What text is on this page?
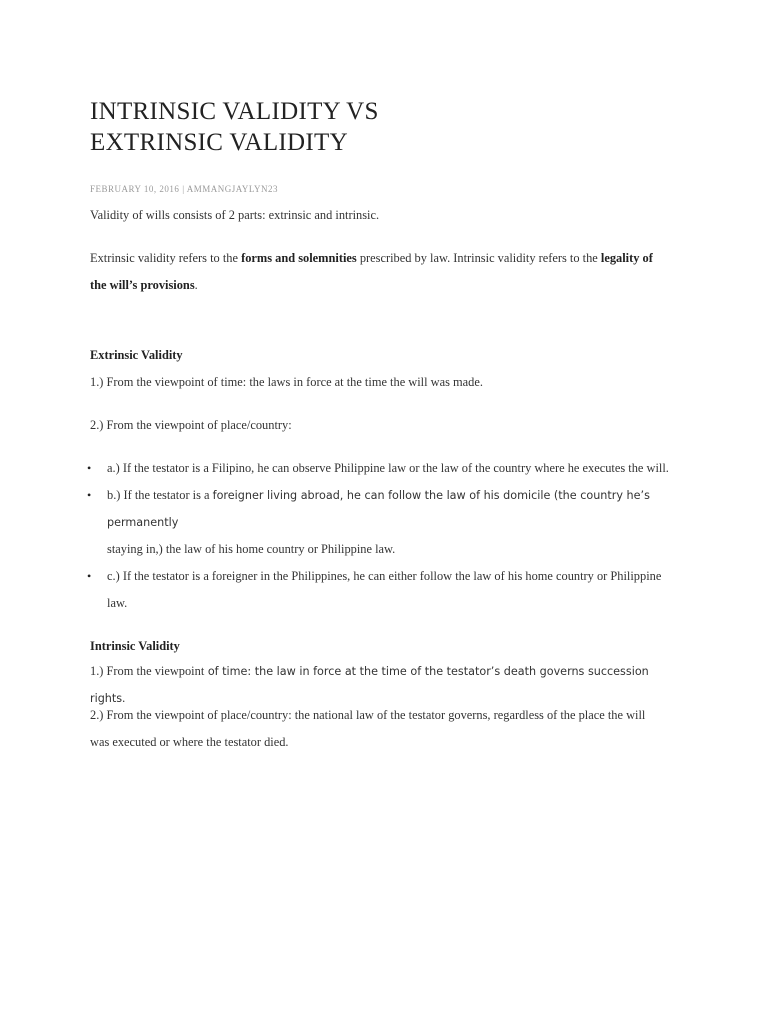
INTRINSIC VALIDITY VS
EXTRINSIC VALIDITY
FEBRUARY 10, 2016 | AMMANGJAYLYN23

Validity of wills consists of 2 parts: extrinsic and intrinsic.

Extrinsic validity refers to the forms and solemnities prescribed by law. Intrinsic validity refers to the legality of
the will’s provisions.

Extrinsic Validity

1.) From the viewpoint of time: the laws in force at the time the will was made.

2.) From the viewpoint of place/country:

• a.) If the testator is a Filipino, he can observe Philippine law or the law of the country where he executes the will.
• b.) If the testator is a foreigner living abroad, he can follow the law of his domicile (the country he’s permanently
staying in,) the law of his home country or Philippine law.
• c.) If the testator is a foreigner in the Philippines, he can either follow the law of his home country or Philippine
law.
Intrinsic Validity

1.) From the viewpoint of time: the law in force at the time of the testator’s death governs succession rights.

2.) From the viewpoint of place/country: the national law of the testator governs, regardless of the place the will
was executed or where the testator died.
